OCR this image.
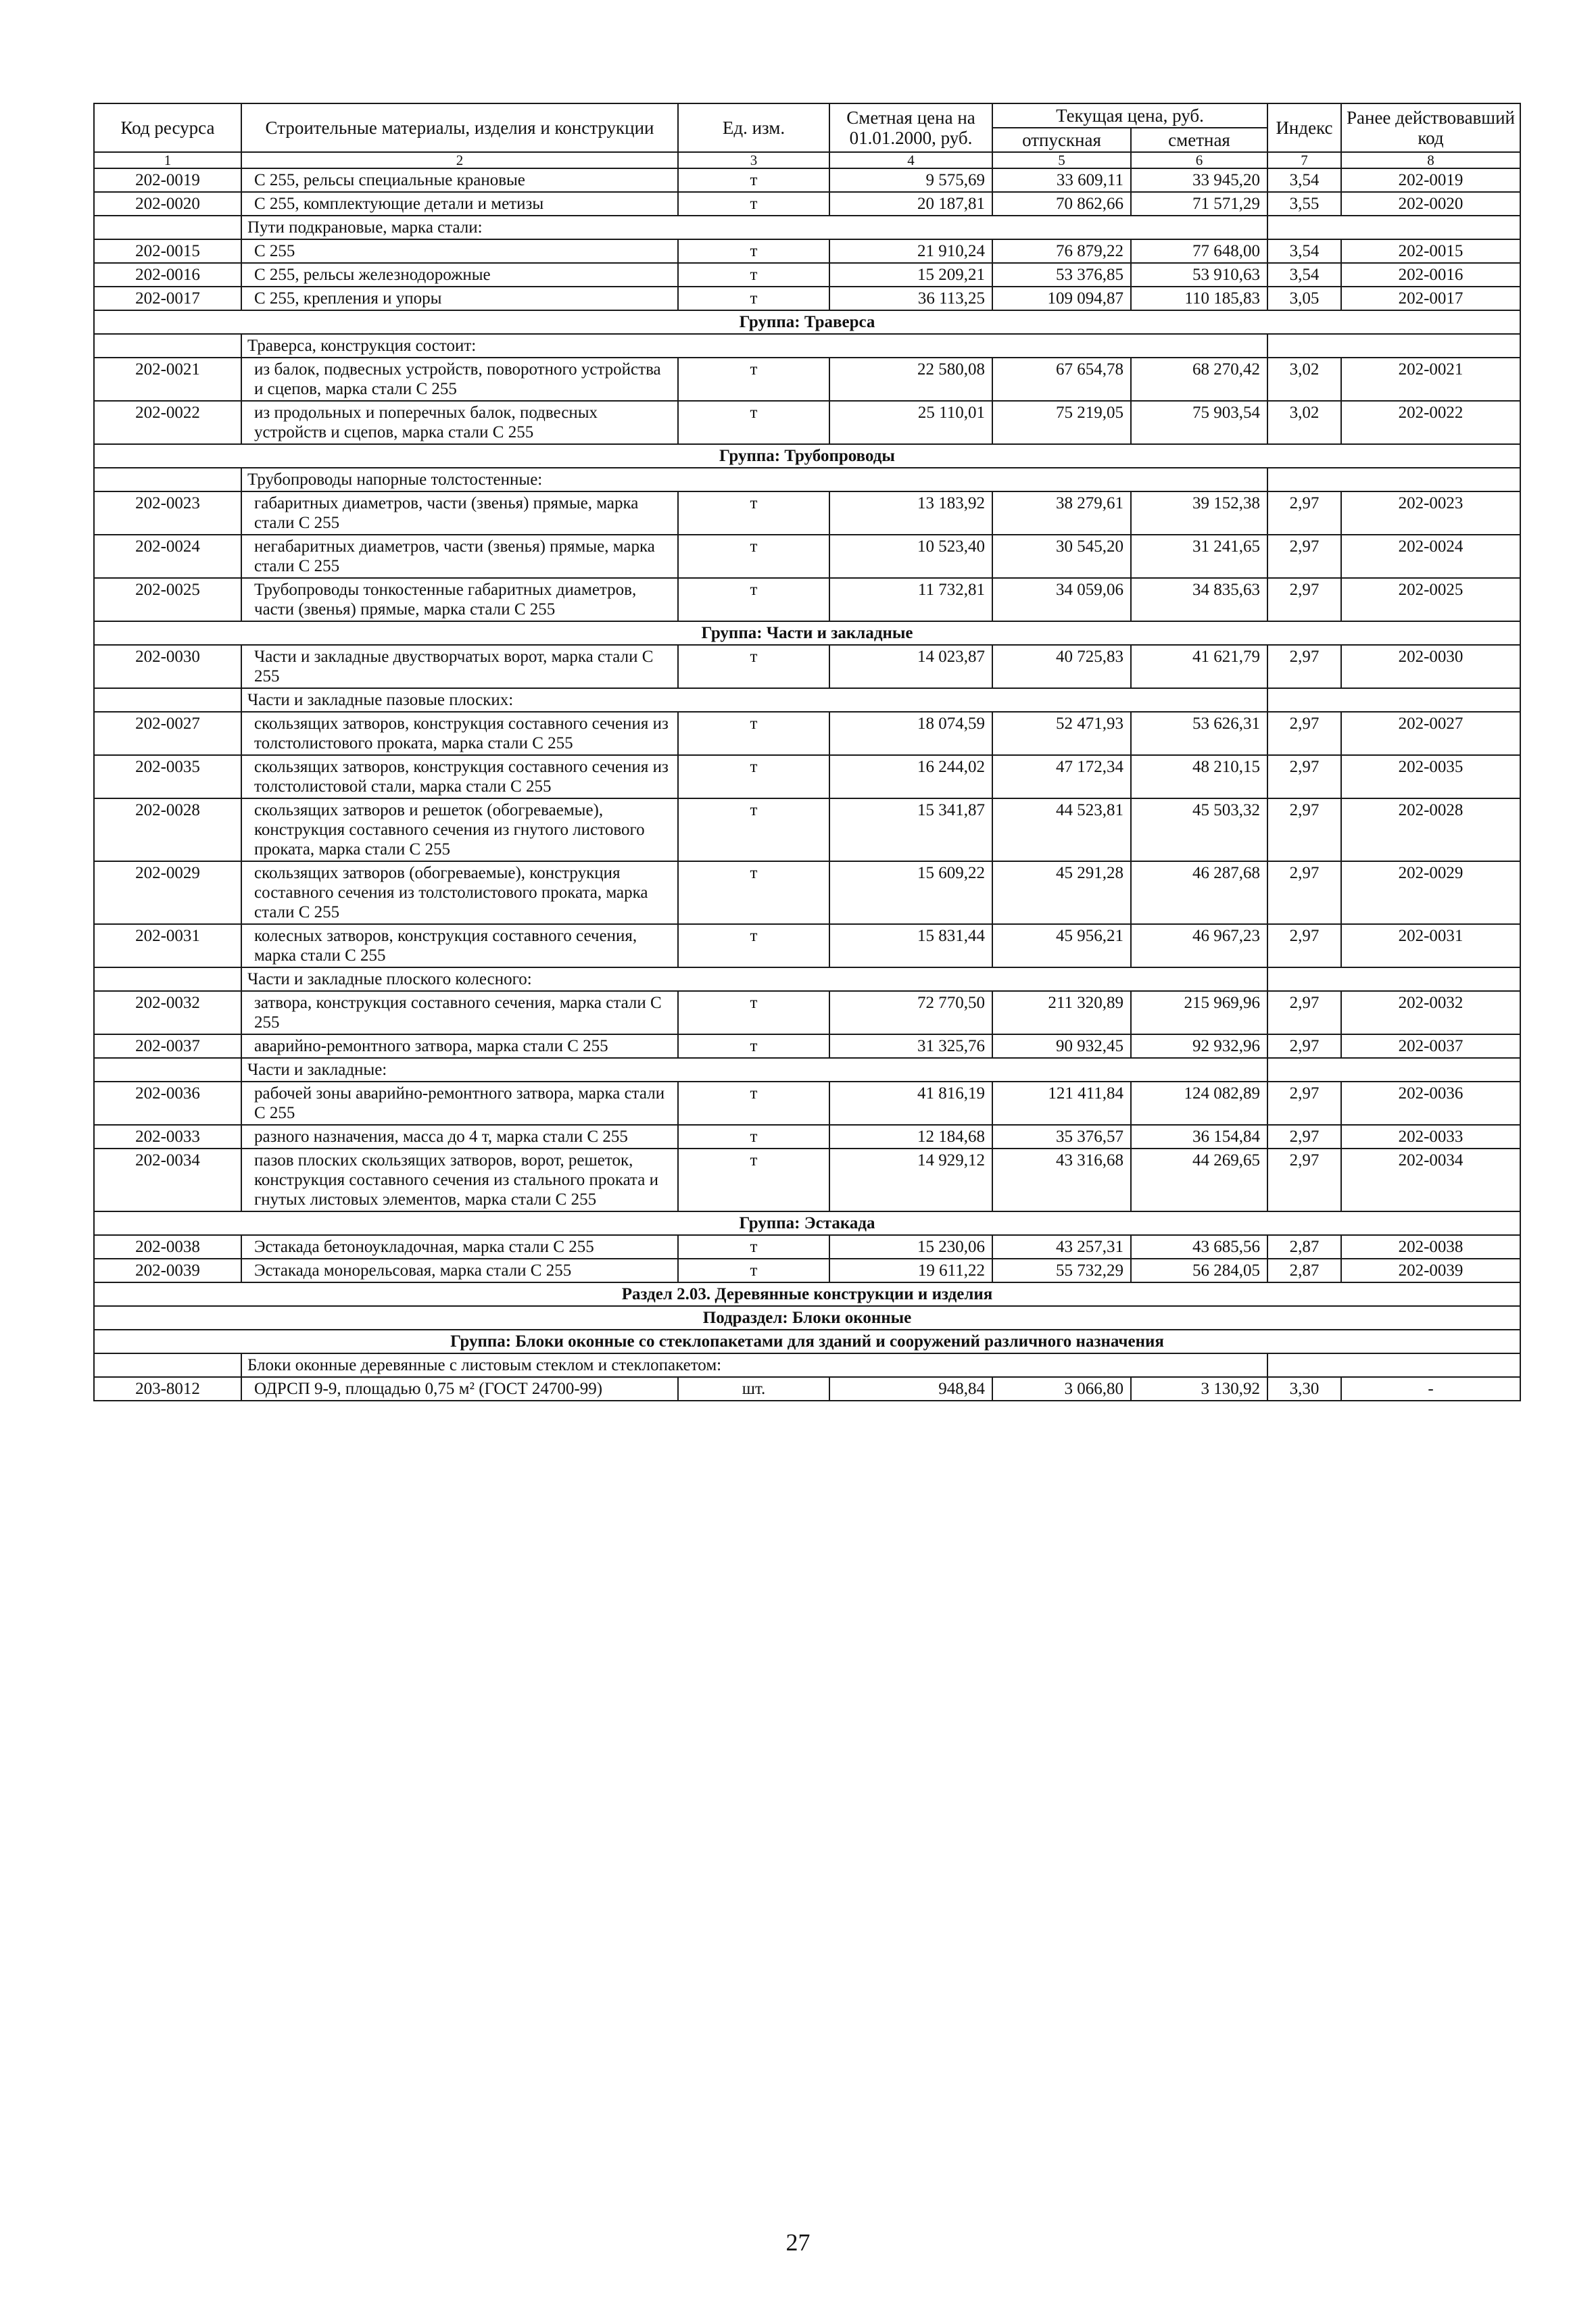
Код ресурса	Строительные материалы, изделия и конструкции	Ед. изм.	Сметная цена на 01.01.2000, руб.	Текущая цена, руб.		Индекс	Ранее действовавший код
				отпускная	сметная		
1	2	3	4	5	6	7	8
202-0019	С 255, рельсы специальные крановые	т	9 575,69	33 609,11	33 945,20	3,54	202-0019
202-0020	С 255, комплектующие детали и метизы	т	20 187,81	70 862,66	71 571,29	3,55	202-0020
	Пути подкрановые, марка стали:						
202-0015	С 255	т	21 910,24	76 879,22	77 648,00	3,54	202-0015
202-0016	С 255, рельсы железнодорожные	т	15 209,21	53 376,85	53 910,63	3,54	202-0016
202-0017	С 255, крепления и упоры	т	36 113,25	109 094,87	110 185,83	3,05	202-0017
Группа: Траверса							
	Траверса, конструкция состоит:						
202-0021	из балок, подвесных устройств, поворотного устройства и сцепов, марка стали С 255	т	22 580,08	67 654,78	68 270,42	3,02	202-0021
202-0022	из продольных и поперечных балок, подвесных устройств и сцепов, марка стали С 255	т	25 110,01	75 219,05	75 903,54	3,02	202-0022
Группа: Трубопроводы							
	Трубопроводы напорные толстостенные:						
202-0023	габаритных диаметров, части (звенья) прямые, марка стали С 255	т	13 183,92	38 279,61	39 152,38	2,97	202-0023
202-0024	негабаритных диаметров, части (звенья) прямые, марка стали С 255	т	10 523,40	30 545,20	31 241,65	2,97	202-0024
202-0025	Трубопроводы тонкостенные габаритных диаметров, части (звенья) прямые, марка стали С 255	т	11 732,81	34 059,06	34 835,63	2,97	202-0025
Группа: Части и закладные							
202-0030	Части и закладные двустворчатых ворот, марка стали С 255	т	14 023,87	40 725,83	41 621,79	2,97	202-0030
	Части и закладные пазовые плоских:						
202-0027	скользящих затворов, конструкция составного сечения из толстолистового проката, марка стали С 255	т	18 074,59	52 471,93	53 626,31	2,97	202-0027
202-0035	скользящих затворов, конструкция составного сечения из толстолистовой стали, марка стали С 255	т	16 244,02	47 172,34	48 210,15	2,97	202-0035
202-0028	скользящих затворов и решеток (обогреваемые), конструкция составного сечения из гнутого листового проката, марка стали С 255	т	15 341,87	44 523,81	45 503,32	2,97	202-0028
202-0029	скользящих затворов (обогреваемые), конструкция составного сечения из толстолистового проката, марка стали С 255	т	15 609,22	45 291,28	46 287,68	2,97	202-0029
202-0031	колесных затворов, конструкция составного сечения, марка стали С 255	т	15 831,44	45 956,21	46 967,23	2,97	202-0031
	Части и закладные плоского колесного:						
202-0032	затвора, конструкция составного сечения, марка стали С 255	т	72 770,50	211 320,89	215 969,96	2,97	202-0032
202-0037	аварийно-ремонтного затвора, марка стали С 255	т	31 325,76	90 932,45	92 932,96	2,97	202-0037
	Части и закладные:						
202-0036	рабочей зоны аварийно-ремонтного затвора, марка стали С 255	т	41 816,19	121 411,84	124 082,89	2,97	202-0036
202-0033	разного назначения, масса до 4 т, марка стали С 255	т	12 184,68	35 376,57	36 154,84	2,97	202-0033
202-0034	пазов плоских скользящих затворов, ворот, решеток, конструкция составного сечения из стального проката и гнутых листовых элементов, марка стали С 255	т	14 929,12	43 316,68	44 269,65	2,97	202-0034
Группа: Эстакада							
202-0038	Эстакада бетоноукладочная, марка стали С 255	т	15 230,06	43 257,31	43 685,56	2,87	202-0038
202-0039	Эстакада монорельсовая, марка стали С 255	т	19 611,22	55 732,29	56 284,05	2,87	202-0039
Раздел 2.03. Деревянные конструкции и изделия							
Подраздел: Блоки оконные							
Группа: Блоки оконные со стеклопакетами для зданий и сооружений различного назначения							
	Блоки оконные деревянные с листовым стеклом и стеклопакетом:						
203-8012	ОДРСП 9-9, площадью 0,75 м² (ГОСТ 24700-99)	шт.	948,84	3 066,80	3 130,92	3,30	-
27
